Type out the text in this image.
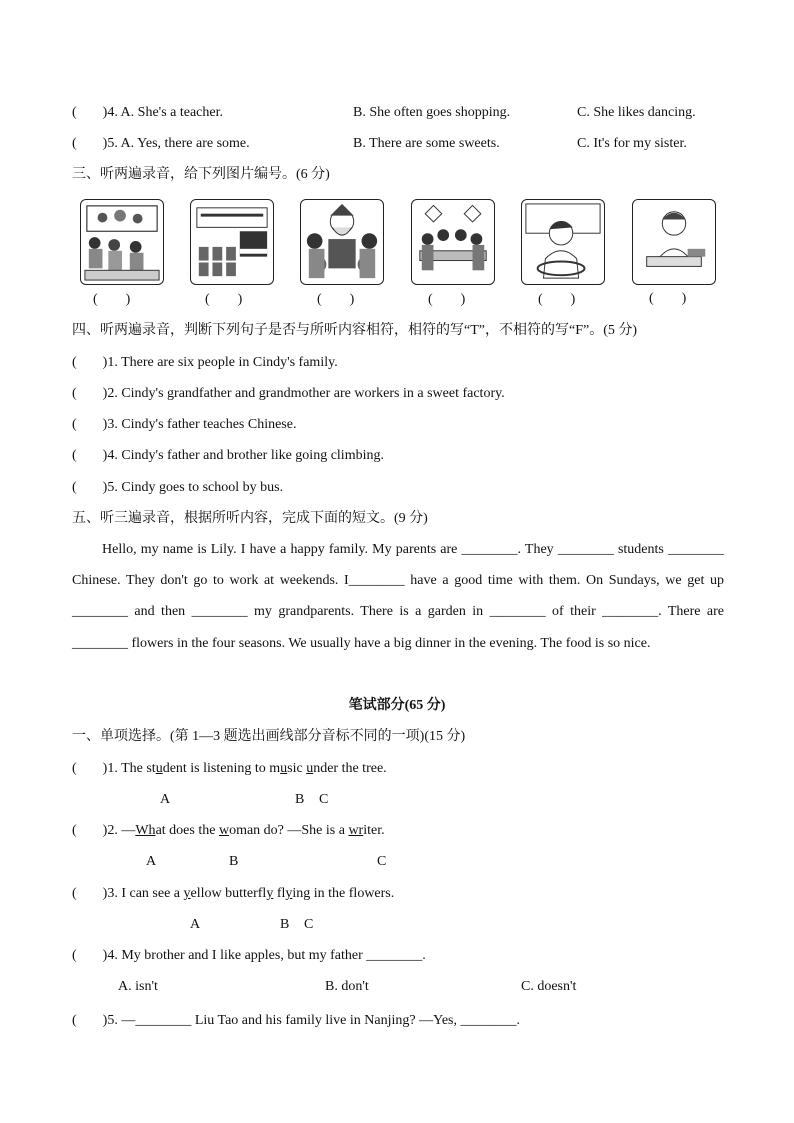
( )4. A. She's a teacher.	B. She often goes shopping.	C. She likes dancing.
( )5. A. Yes, there are some.	B. There are some sweets.	C. It's for my sister.
三、听两遍录音，给下列图片编号。(6 分)
(　　)	(　　)	(　　)	(　　)	(　　)	(　　)
四、听两遍录音，判断下列句子是否与所听内容相符，相符的写“T”，不相符的写“F”。(5 分)
( )1. There are six people in Cindy's family.
( )2. Cindy's grandfather and grandmother are workers in a sweet factory.
( )3. Cindy's father teaches Chinese.
( )4. Cindy's father and brother like going climbing.
( )5. Cindy goes to school by bus.
五、听三遍录音，根据所听内容，完成下面的短文。(9 分)
Hello, my name is Lily. I have a happy family. My parents are ________. They ________ students ________ Chinese. They don't go to work at weekends. I________ have a good time with them. On Sundays, we get up ________ and then ________ my grandparents. There is a garden in ________ of their ________. There are ________ flowers in the four seasons. We usually have a big dinner in the evening. The food is so nice.
笔试部分(65 分)
一、单项选择。(第 1—3 题选出画线部分音标不同的一项)(15 分)
( )1. The student is listening to music under the tree.
A	B C
( )2. —What does the woman do? —She is a writer.
A	B	C
( )3. I can see a yellow butterfly flying in the flowers.
A	B C
( )4. My brother and I like apples, but my father ________.
A. isn't	B. don't	C. doesn't
( )5. —________ Liu Tao and his family live in Nanjing? —Yes, ________.
